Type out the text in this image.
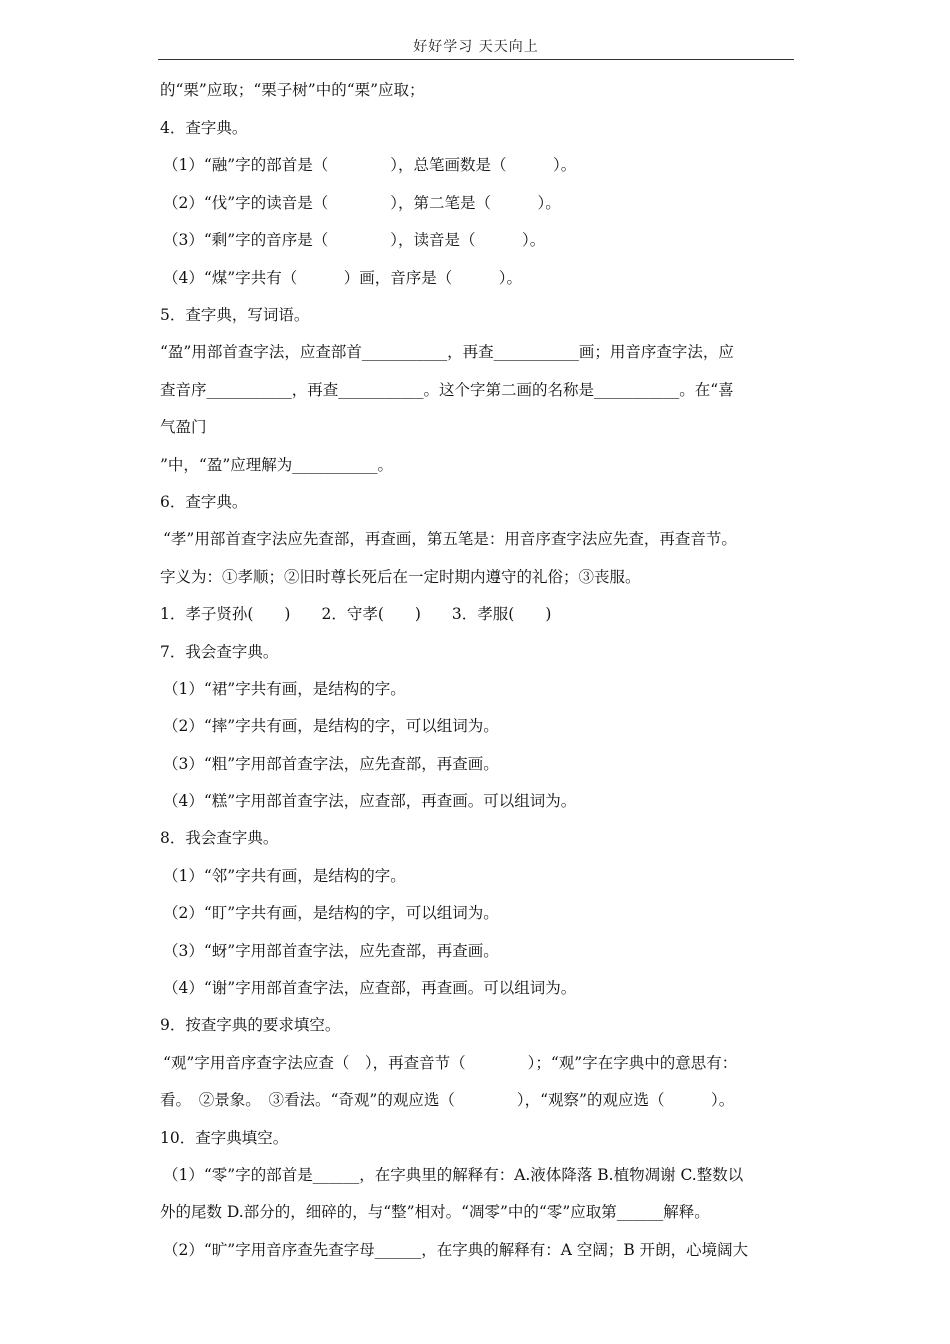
好好学习 天天向上
的“栗”应取；“栗子树”中的“栗”应取；
4．查字典。
（1）“融”字的部首是（　　　　），总笔画数是（　　　）。
（2）“伐”字的读音是（　　　　），第二笔是（　　　）。
（3）“剩”字的音序是（　　　　），读音是（　　　）。
（4）“煤”字共有（　　　）画，音序是（　　　）。
5．查字典，写词语。
“盈”用部首查字法，应查部首___________，再查___________画；用音序查字法，应
查音序___________，再查___________。这个字第二画的名称是___________。在“喜
气盈门
”中，“盈”应理解为___________。
6．查字典。
“孝”用部首查字法应先查部，再查画，第五笔是：用音序查字法应先查，再查音节。
字义为：①孝顺；②旧时尊长死后在一定时期内遵守的礼俗；③丧服。
1．孝子贤孙(　　)　　2．守孝(　　)　　3．孝服(　　)
7．我会查字典。
（1）“裙”字共有画，是结构的字。
（2）“摔”字共有画，是结构的字，可以组词为。
（3）“粗”字用部首查字法，应先查部，再查画。
（4）“糕”字用部首查字法，应查部，再查画。可以组词为。
8．我会查字典。
（1）“邻”字共有画，是结构的字。
（2）“盯”字共有画，是结构的字，可以组词为。
（3）“蚜”字用部首查字法，应先查部，再查画。
（4）“谢”字用部首查字法，应查部，再查画。可以组词为。
9．按查字典的要求填空。
“观”字用音序查字法应查（　），再查音节（　　　　）；“观”字在字典中的意思有：
看。　②景象。　③看法。“奇观”的观应选（　　　　），“观察”的观应选（　　　）。
10．查字典填空。
（1）“零”字的部首是______，在字典里的解释有：A.液体降落 B.植物凋谢 C.整数以
外的尾数 D.部分的，细碎的，与“整”相对。“凋零”中的“零”应取第______解释。
（2）“旷”字用音序查先查字母______，在字典的解释有：A 空阔；B 开朗，心境阔大
